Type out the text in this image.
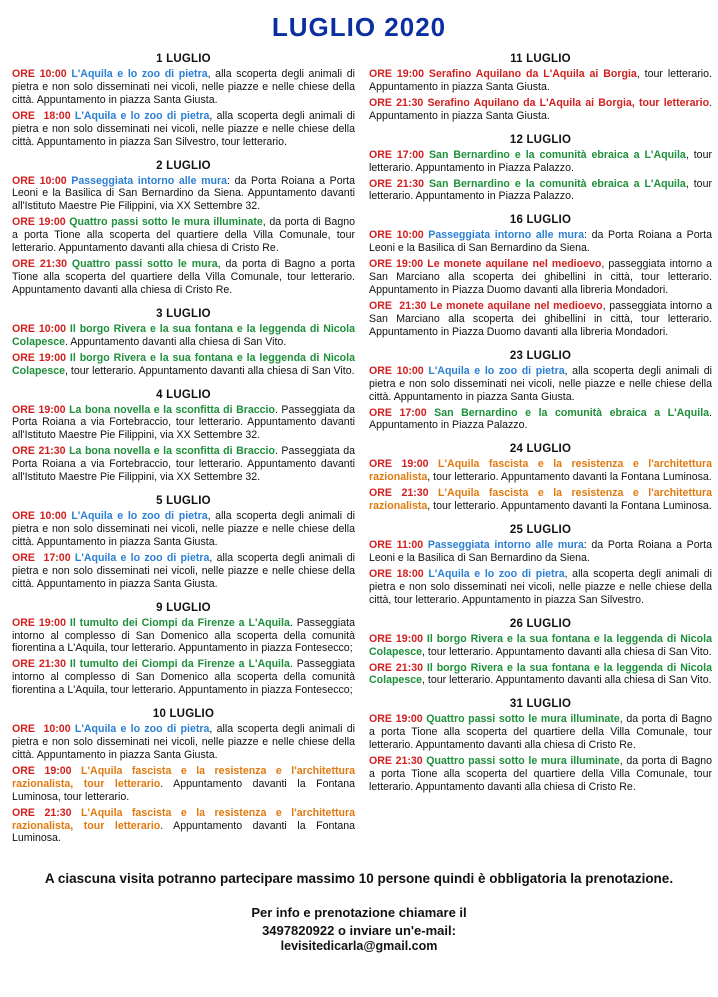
LUGLIO 2020
1 LUGLIO
ORE 10:00 L'Aquila e lo zoo di pietra, alla scoperta degli animali di pietra e non solo disseminati nei vicoli, nelle piazze e nelle chiese della città. Appuntamento in piazza Santa Giusta.
ORE  18:00 L'Aquila e lo zoo di pietra, alla scoperta degli animali di pietra e non solo disseminati nei vicoli, nelle piazze e nelle chiese della città. Appuntamento in piazza San Silvestro, tour letterario.
2 LUGLIO
ORE 10:00 Passeggiata intorno alle mura: da Porta Roiana a Porta Leoni e la Basilica di San Bernardino da Siena. Appuntamento davanti all'Istituto Maestre Pie Filippini, via XX Settembre 32.
ORE 19:00 Quattro passi sotto le mura illuminate, da porta di Bagno a porta Tione alla scoperta del quartiere della Villa Comunale, tour letterario. Appuntamento davanti alla chiesa di Cristo Re.
ORE 21:30 Quattro passi sotto le mura, da porta di Bagno a porta Tione alla scoperta del quartiere della Villa Comunale, tour letterario. Appuntamento davanti alla chiesa di Cristo Re.
3 LUGLIO
ORE 10:00 Il borgo Rivera e la sua fontana e la leggenda di Nicola Colapesce. Appuntamento davanti alla chiesa di San Vito.
ORE 19:00 Il borgo Rivera e la sua fontana e la leggenda di Nicola Colapesce, tour letterario. Appuntamento davanti alla chiesa di San Vito.
4 LUGLIO
ORE 19:00 La bona novella e la sconfitta di Braccio. Passeggiata da Porta Roiana a via Fortebraccio, tour letterario. Appuntamento davanti all'Istituto Maestre Pie Filippini, via XX Settembre 32.
ORE 21:30 La bona novella e la sconfitta di Braccio. Passeggiata da Porta Roiana a via Fortebraccio, tour letterario. Appuntamento davanti all'Istituto Maestre Pie Filippini, via XX Settembre 32.
5 LUGLIO
ORE 10:00 L'Aquila e lo zoo di pietra, alla scoperta degli animali di pietra e non solo disseminati nei vicoli, nelle piazze e nelle chiese della città. Appuntamento in piazza Santa Giusta.
ORE  17:00 L'Aquila e lo zoo di pietra, alla scoperta degli animali di pietra e non solo disseminati nei vicoli, nelle piazze e nelle chiese della città. Appuntamento in piazza Santa Giusta.
9 LUGLIO
ORE 19:00 Il tumulto dei Ciompi da Firenze a L'Aquila. Passeggiata intorno al complesso di San Domenico alla scoperta della comunità fiorentina a L'Aquila, tour letterario. Appuntamento in piazza Fontesecco;
ORE 21:30 Il tumulto dei Ciompi da Firenze a L'Aquila. Passeggiata intorno al complesso di San Domenico alla scoperta della comunità fiorentina a L'Aquila, tour letterario. Appuntamento in piazza Fontesecco;
10 LUGLIO
ORE  10:00 L'Aquila e lo zoo di pietra, alla scoperta degli animali di pietra e non solo disseminati nei vicoli, nelle piazze e nelle chiese della città. Appuntamento in piazza Santa Giusta.
ORE 19:00 L'Aquila fascista e la resistenza e l'architettura razionalista, tour letterario. Appuntamento davanti la Fontana Luminosa, tour letterario.
ORE 21:30 L'Aquila fascista e la resistenza e l'architettura razionalista, tour letterario. Appuntamento davanti la Fontana Luminosa.
11 LUGLIO
ORE 19:00 Serafino Aquilano da L'Aquila ai Borgia, tour letterario. Appuntamento in piazza Santa Giusta.
ORE 21:30 Serafino Aquilano da L'Aquila ai Borgia, tour letterario. Appuntamento in piazza Santa Giusta.
12 LUGLIO
ORE 17:00 San Bernardino e la comunità ebraica a L'Aquila, tour letterario. Appuntamento in Piazza Palazzo.
ORE 21:30 San Bernardino e la comunità ebraica a L'Aquila, tour letterario. Appuntamento in Piazza Palazzo.
16 LUGLIO
ORE 10:00 Passeggiata intorno alle mura: da Porta Roiana a Porta Leoni e la Basilica di San Bernardino da Siena.
ORE 19:00 Le monete aquilane nel medioevo, passeggiata intorno a San Marciano alla scoperta dei ghibellini in città, tour letterario. Appuntamento in Piazza Duomo davanti alla libreria Mondadori.
ORE  21:30 Le monete aquilane nel medioevo, passeggiata intorno a San Marciano alla scoperta dei ghibellini in città, tour letterario. Appuntamento in Piazza Duomo davanti alla libreria Mondadori.
23 LUGLIO
ORE 10:00 L'Aquila e lo zoo di pietra, alla scoperta degli animali di pietra e non solo disseminati nei vicoli, nelle piazze e nelle chiese della città. Appuntamento in piazza Santa Giusta.
ORE 17:00 San Bernardino e la comunità ebraica a L'Aquila. Appuntamento in Piazza Palazzo.
24 LUGLIO
ORE 19:00 L'Aquila fascista e la resistenza e l'architettura razionalista, tour letterario. Appuntamento davanti la Fontana Luminosa.
ORE 21:30 L'Aquila fascista e la resistenza e l'architettura razionalista, tour letterario. Appuntamento davanti la Fontana Luminosa.
25 LUGLIO
ORE 11:00 Passeggiata intorno alle mura: da Porta Roiana a Porta Leoni e la Basilica di San Bernardino da Siena.
ORE 18:00 L'Aquila e lo zoo di pietra, alla scoperta degli animali di pietra e non solo disseminati nei vicoli, nelle piazze e nelle chiese della città, tour letterario. Appuntamento in piazza San Silvestro.
26 LUGLIO
ORE 19:00 Il borgo Rivera e la sua fontana e la leggenda di Nicola Colapesce, tour letterario. Appuntamento davanti alla chiesa di San Vito.
ORE 21:30 Il borgo Rivera e la sua fontana e la leggenda di Nicola Colapesce, tour letterario. Appuntamento davanti alla chiesa di San Vito.
31 LUGLIO
ORE 19:00 Quattro passi sotto le mura illuminate, da porta di Bagno a porta Tione alla scoperta del quartiere della Villa Comunale, tour letterario. Appuntamento davanti alla chiesa di Cristo Re.
ORE 21:30 Quattro passi sotto le mura illuminate, da porta di Bagno a porta Tione alla scoperta del quartiere della Villa Comunale, tour letterario. Appuntamento davanti alla chiesa di Cristo Re.
A ciascuna visita potranno partecipare massimo 10 persone quindi è obbligatoria la prenotazione.
Per info e prenotazione chiamare il
3497820922 o inviare un'e-mail:
levisitedicarla@gmail.com
